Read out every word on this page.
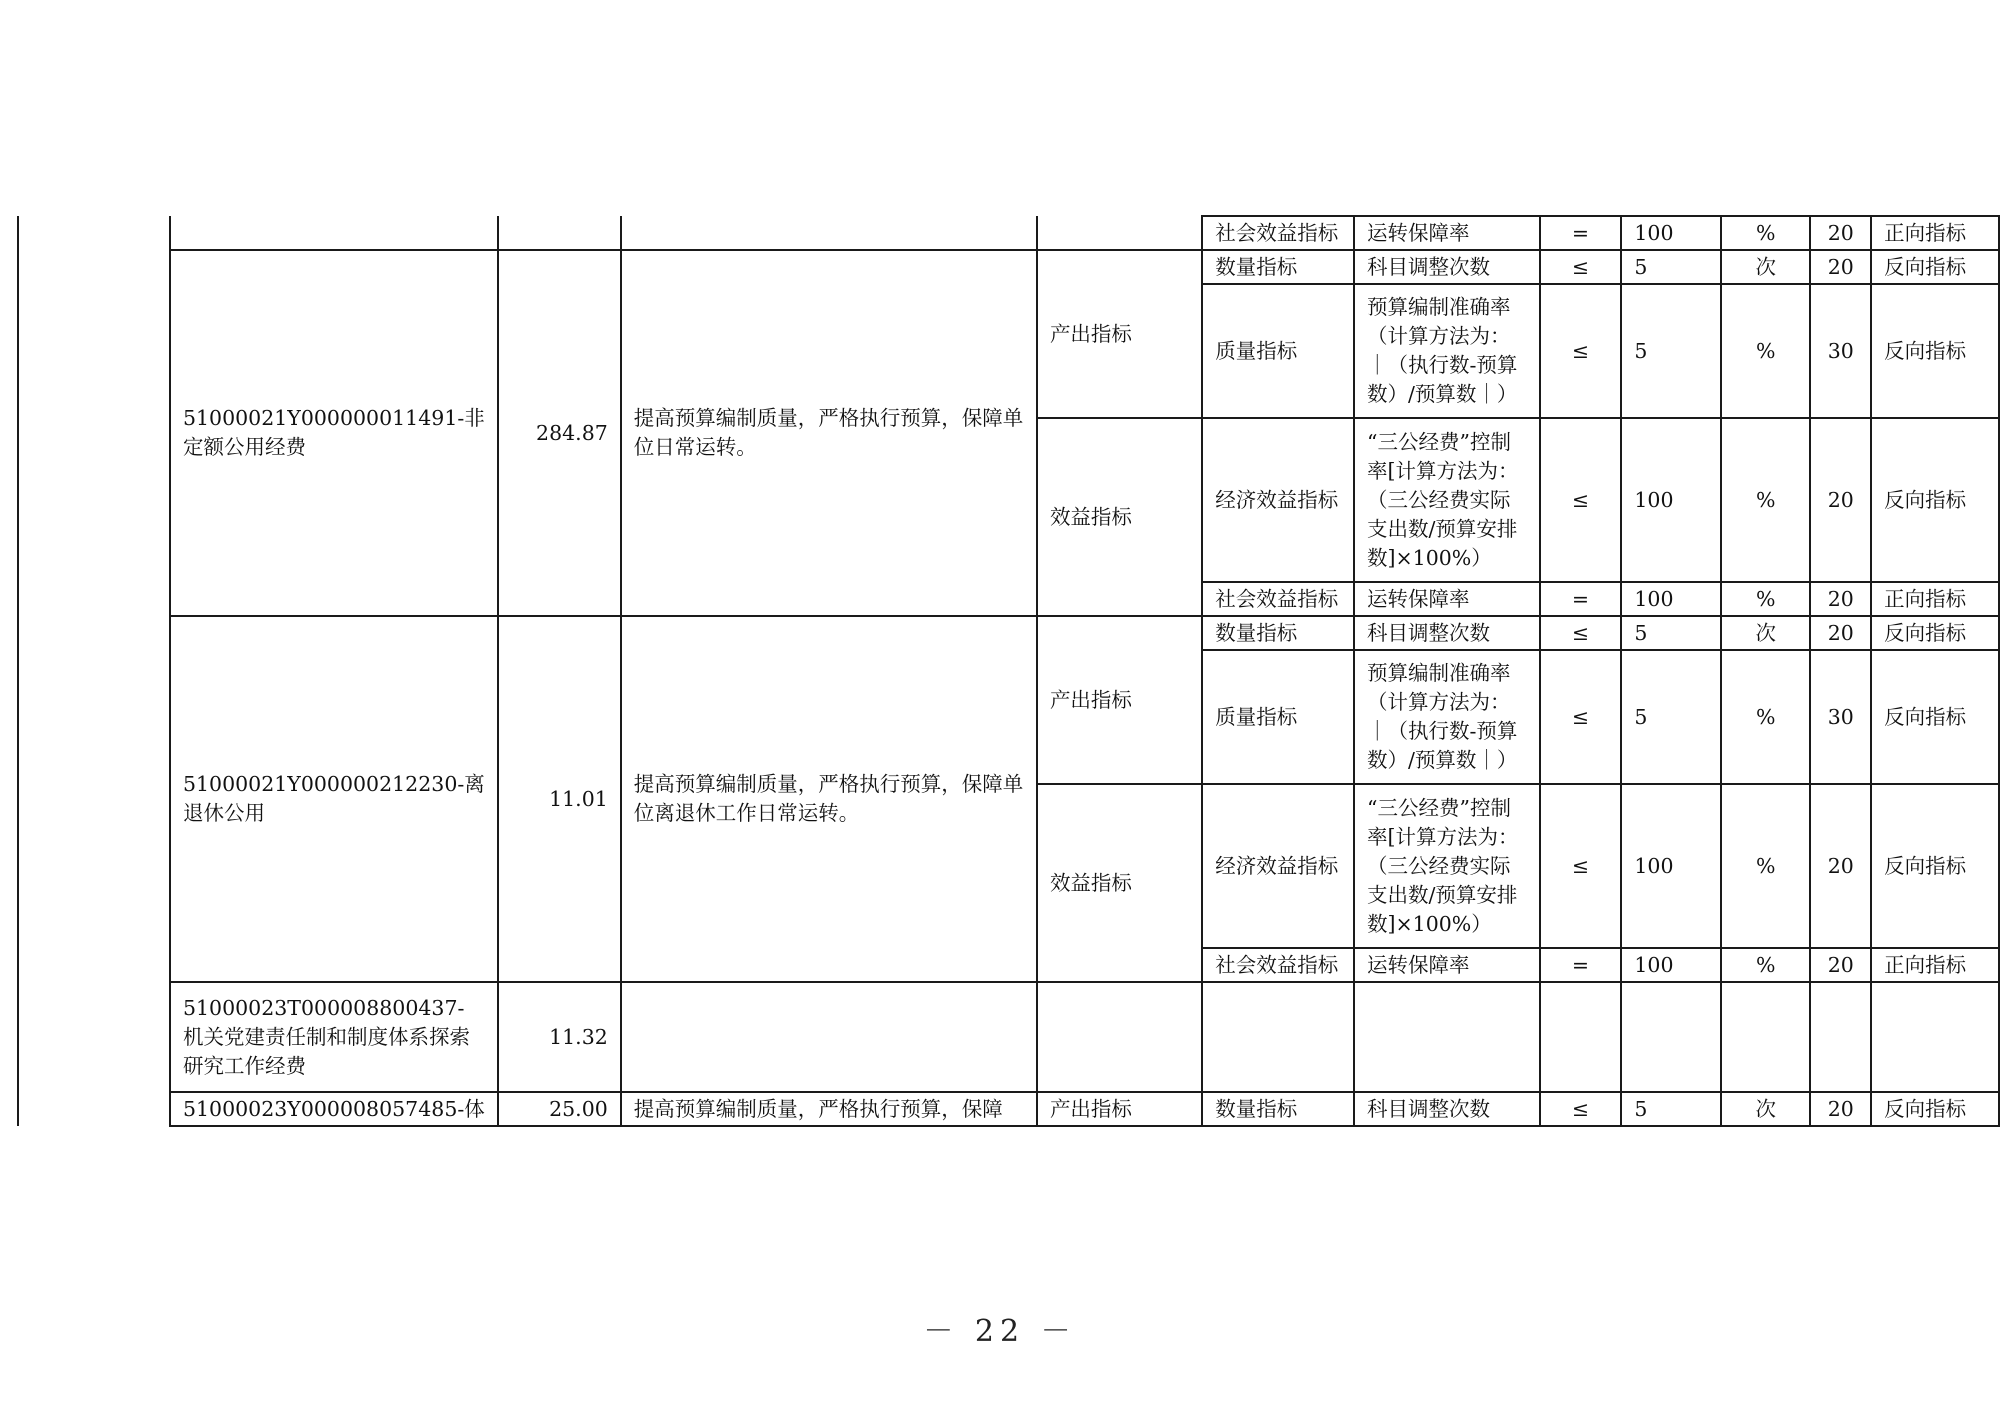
					社会效益指标	运转保障率	=	100	%	20	正向指标
	51000021Y000000011491-非定额公用经费	284.87	提高预算编制质量，严格执行预算，保障单位日常运转。	产出指标	数量指标	科目调整次数	≤	5	次	20	反向指标
					质量指标	预算编制准确率（计算方法为：｜（执行数-预算数）/预算数｜）	≤	5	%	30	反向指标
				效益指标	经济效益指标	“三公经费”控制率[计算方法为：（三公经费实际支出数/预算安排数]×100%）	≤	100	%	20	反向指标
					社会效益指标	运转保障率	=	100	%	20	正向指标
	51000021Y000000212230-离退休公用	11.01	提高预算编制质量，严格执行预算，保障单位离退休工作日常运转。	产出指标	数量指标	科目调整次数	≤	5	次	20	反向指标
					质量指标	预算编制准确率（计算方法为：｜（执行数-预算数）/预算数｜）	≤	5	%	30	反向指标
				效益指标	经济效益指标	“三公经费”控制率[计算方法为：（三公经费实际支出数/预算安排数]×100%）	≤	100	%	20	反向指标
					社会效益指标	运转保障率	=	100	%	20	正向指标
	51000023T000008800437-机关党建责任制和制度体系探索研究工作经费	11.32									
	51000023Y000008057485-体	25.00	提高预算编制质量，严格执行预算，保障	产出指标	数量指标	科目调整次数	≤	5	次	20	反向指标
－ 22 －
